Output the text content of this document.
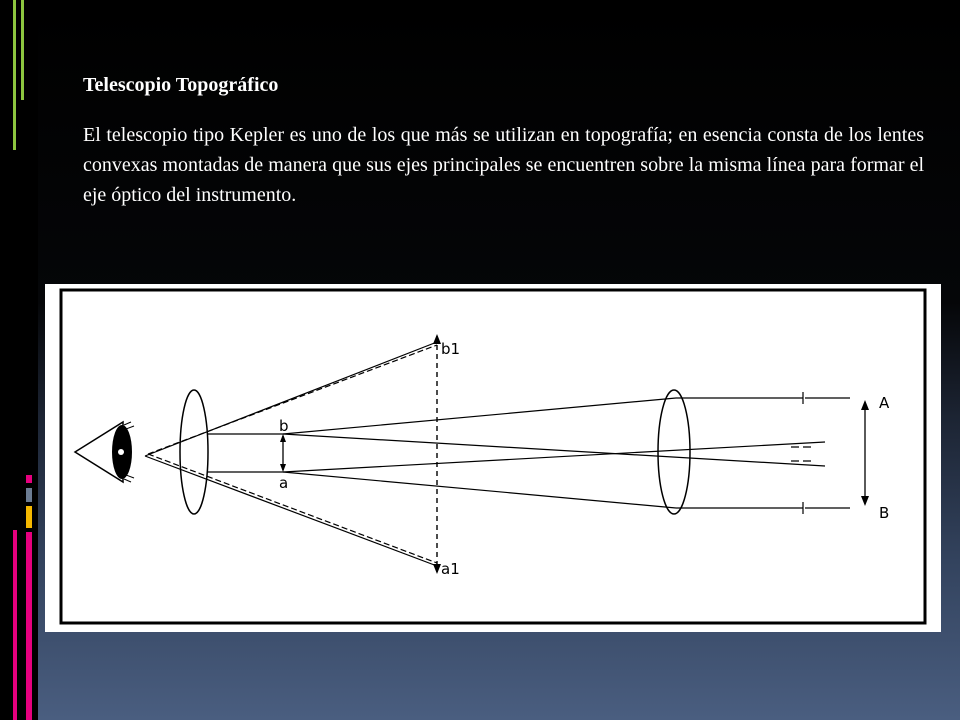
Telescopio Topográfico

El telescopio tipo Kepler es uno de los que más se utilizan en topografía; en esencia consta de los lentes convexas montadas de manera que sus ejes principales se encuentren sobre la misma línea para formar el eje óptico del instrumento.

b1
a1
b
a
A
B
